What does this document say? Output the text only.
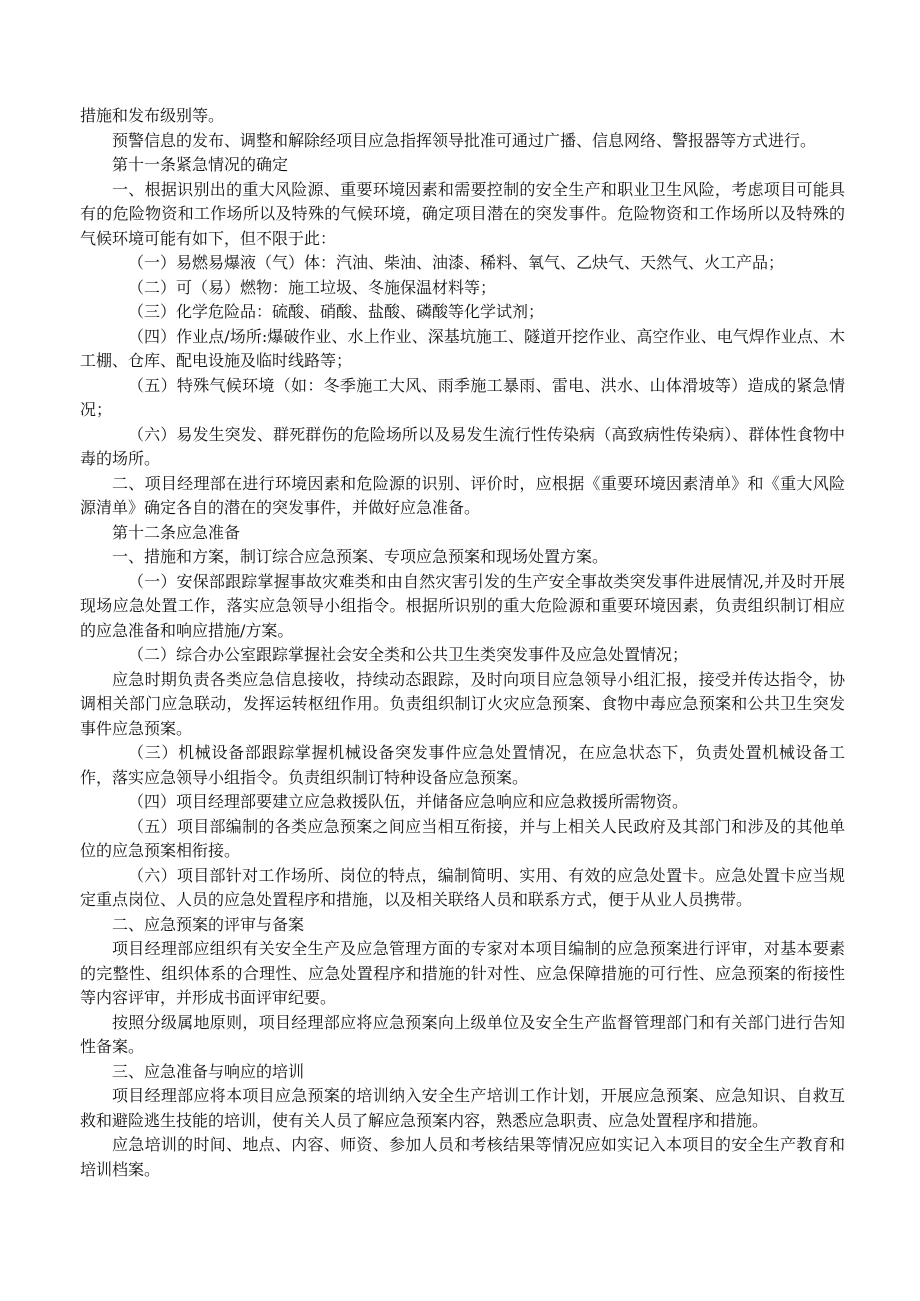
措施和发布级别等。

预警信息的发布、调整和解除经项目应急指挥领导批准可通过广播、信息网络、警报器等方式进行。

第十一条紧急情况的确定

一、根据识别出的重大风险源、重要环境因素和需要控制的安全生产和职业卫生风险，考虑项目可能具有的危险物资和工作场所以及特殊的气候环境，确定项目潜在的突发事件。危险物资和工作场所以及特殊的气候环境可能有如下，但不限于此：

（一）易燃易爆液（气）体：汽油、柴油、油漆、稀料、氧气、乙炔气、天然气、火工产品；

（二）可（易）燃物：施工垃圾、冬施保温材料等；

（三）化学危险品：硫酸、硝酸、盐酸、磷酸等化学试剂；

（四）作业点/场所:爆破作业、水上作业、深基坑施工、隧道开挖作业、高空作业、电气焊作业点、木工棚、仓库、配电设施及临时线路等；

（五）特殊气候环境（如：冬季施工大风、雨季施工暴雨、雷电、洪水、山体滑坡等）造成的紧急情况；

（六）易发生突发、群死群伤的危险场所以及易发生流行性传染病（高致病性传染病）、群体性食物中毒的场所。

二、项目经理部在进行环境因素和危险源的识别、评价时，应根据《重要环境因素清单》和《重大风险源清单》确定各自的潜在的突发事件，并做好应急准备。

第十二条应急准备

一、措施和方案，制订综合应急预案、专项应急预案和现场处置方案。

（一）安保部跟踪掌握事故灾难类和由自然灾害引发的生产安全事故类突发事件进展情况,并及时开展现场应急处置工作，落实应急领导小组指令。根据所识别的重大危险源和重要环境因素，负责组织制订相应的应急准备和响应措施/方案。

（二）综合办公室跟踪掌握社会安全类和公共卫生类突发事件及应急处置情况；

应急时期负责各类应急信息接收，持续动态跟踪，及时向项目应急领导小组汇报，接受并传达指令，协调相关部门应急联动，发挥运转枢纽作用。负责组织制订火灾应急预案、食物中毒应急预案和公共卫生突发事件应急预案。

（三）机械设备部跟踪掌握机械设备突发事件应急处置情况，在应急状态下，负责处置机械设备工作，落实应急领导小组指令。负责组织制订特种设备应急预案。

（四）项目经理部要建立应急救援队伍，并储备应急响应和应急救援所需物资。

（五）项目部编制的各类应急预案之间应当相互衔接，并与上相关人民政府及其部门和涉及的其他单位的应急预案相衔接。

（六）项目部针对工作场所、岗位的特点，编制简明、实用、有效的应急处置卡。应急处置卡应当规定重点岗位、人员的应急处置程序和措施，以及相关联络人员和联系方式，便于从业人员携带。

二、应急预案的评审与备案

项目经理部应组织有关安全生产及应急管理方面的专家对本项目编制的应急预案进行评审，对基本要素的完整性、组织体系的合理性、应急处置程序和措施的针对性、应急保障措施的可行性、应急预案的衔接性等内容评审，并形成书面评审纪要。

按照分级属地原则，项目经理部应将应急预案向上级单位及安全生产监督管理部门和有关部门进行告知性备案。

三、应急准备与响应的培训

项目经理部应将本项目应急预案的培训纳入安全生产培训工作计划，开展应急预案、应急知识、自救互救和避险逃生技能的培训，使有关人员了解应急预案内容，熟悉应急职责、应急处置程序和措施。

应急培训的时间、地点、内容、师资、参加人员和考核结果等情况应如实记入本项目的安全生产教育和培训档案。
